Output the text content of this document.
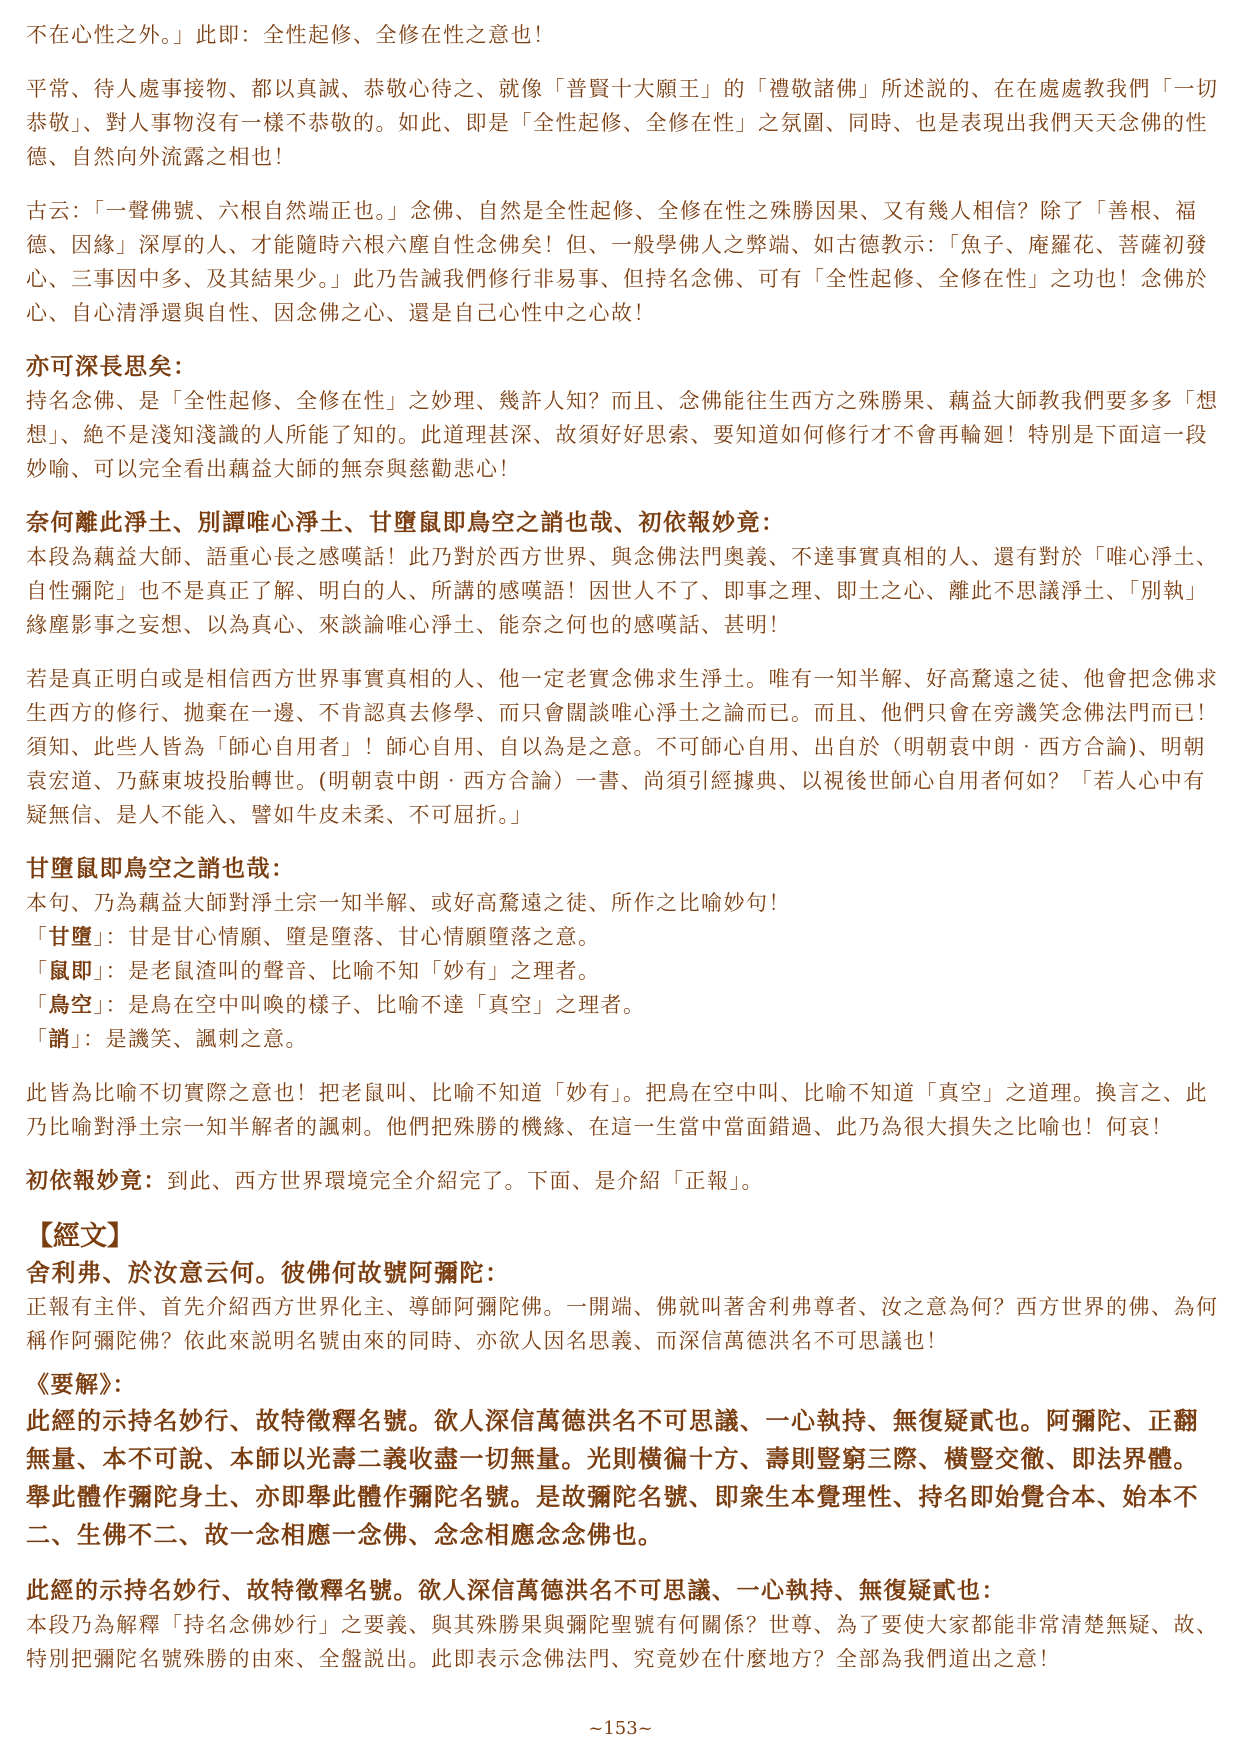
不在心性之外。」此即：全性起修、全修在性之意也！

平常、待人處事接物、都以真誠、恭敬心待之、就像「普賢十大願王」的「禮敬諸佛」所述説的、在在處處教我們「一切恭敬」、對人事物沒有一樣不恭敬的。如此、即是「全性起修、全修在性」之氛圍、同時、也是表現出我們天天念佛的性德、自然向外流露之相也！

古云：「一聲佛號、六根自然端正也。」念佛、自然是全性起修、全修在性之殊勝因果、又有幾人相信？除了「善根、福德、因緣」深厚的人、才能隨時六根六塵自性念佛矣！但、一般學佛人之弊端、如古德教示：「魚子、庵羅花、菩薩初發心、三事因中多、及其結果少。」此乃告誡我們修行非易事、但持名念佛、可有「全性起修、全修在性」之功也！念佛於心、自心清淨還與自性、因念佛之心、還是自己心性中之心故！

亦可深長思矣：

持名念佛、是「全性起修、全修在性」之妙理、幾許人知？而且、念佛能往生西方之殊勝果、藕益大師教我們要多多「想想」、絶不是淺知淺識的人所能了知的。此道理甚深、故須好好思索、要知道如何修行才不會再輪廻！特別是下面這一段妙喻、可以完全看出藕益大師的無奈與慈勸悲心！

奈何離此淨土、別譚唯心淨土、甘墮鼠即鳥空之誚也哉、初依報妙竟：

本段為藕益大師、語重心長之感嘆話！此乃對於西方世界、與念佛法門奥義、不達事實真相的人、還有對於「唯心淨土、自性彌陀」也不是真正了解、明白的人、所講的感嘆語！因世人不了、即事之理、即土之心、離此不思議淨土、「別執」緣塵影事之妄想、以為真心、來談論唯心淨土、能奈之何也的感嘆話、甚明！

若是真正明白或是相信西方世界事實真相的人、他一定老實念佛求生淨土。唯有一知半解、好高騖遠之徒、他會把念佛求生西方的修行、拋棄在一邊、不肯認真去修學、而只會闊談唯心淨土之論而已。而且、他們只會在旁譏笑念佛法門而已！須知、此些人皆為「師心自用者」！師心自用、自以為是之意。不可師心自用、出自於（明朝袁中朗‧西方合論)、明朝袁宏道、乃蘇東坡投胎轉世。(明朝袁中朗‧西方合論）一書、尚須引經據典、以視後世師心自用者何如？「若人心中有疑無信、是人不能入、譬如牛皮未柔、不可屈折。」

甘墮鼠即鳥空之誚也哉：

本句、乃為藕益大師對淨土宗一知半解、或好高騖遠之徒、所作之比喻妙句！

「甘墮」：甘是甘心情願、墮是墮落、甘心情願墮落之意。

「鼠即」：是老鼠渣叫的聲音、比喻不知「妙有」之理者。

「鳥空」：是鳥在空中叫喚的樣子、比喻不達「真空」之理者。

「誚」：是譏笑、諷刺之意。

此皆為比喻不切實際之意也！把老鼠叫、比喻不知道「妙有」。把鳥在空中叫、比喻不知道「真空」之道理。換言之、此乃比喻對淨土宗一知半解者的諷刺。他們把殊勝的機緣、在這一生當中當面錯過、此乃為很大損失之比喻也！何哀！

初依報妙竟：到此、西方世界環境完全介紹完了。下面、是介紹「正報」。

【經文】
舍利弗、於汝意云何。彼佛何故號阿彌陀：

正報有主伴、首先介紹西方世界化主、導師阿彌陀佛。一開端、佛就叫著舍利弗尊者、汝之意為何？西方世界的佛、為何稱作阿彌陀佛？依此來説明名號由來的同時、亦欲人因名思義、而深信萬德洪名不可思議也！

《要解》：

此經的示持名妙行、故特徵釋名號。欲人深信萬德洪名不可思議、一心執持、無復疑貳也。阿彌陀、正翻無量、本不可說、本師以光壽二義收盡一切無量。光則橫徧十方、壽則豎窮三際、橫豎交徹、即法界體。舉此體作彌陀身土、亦即舉此體作彌陀名號。是故彌陀名號、即衆生本覺理性、持名即始覺合本、始本不二、生佛不二、故一念相應一念佛、念念相應念念佛也。

此經的示持名妙行、故特徵釋名號。欲人深信萬德洪名不可思議、一心執持、無復疑貳也：

本段乃為解釋「持名念佛妙行」之要義、與其殊勝果與彌陀聖號有何關係？世尊、為了要使大家都能非常清楚無疑、故、特別把彌陀名號殊勝的由來、全盤説出。此即表示念佛法門、究竟妙在什麼地方？全部為我們道出之意！

~153~
